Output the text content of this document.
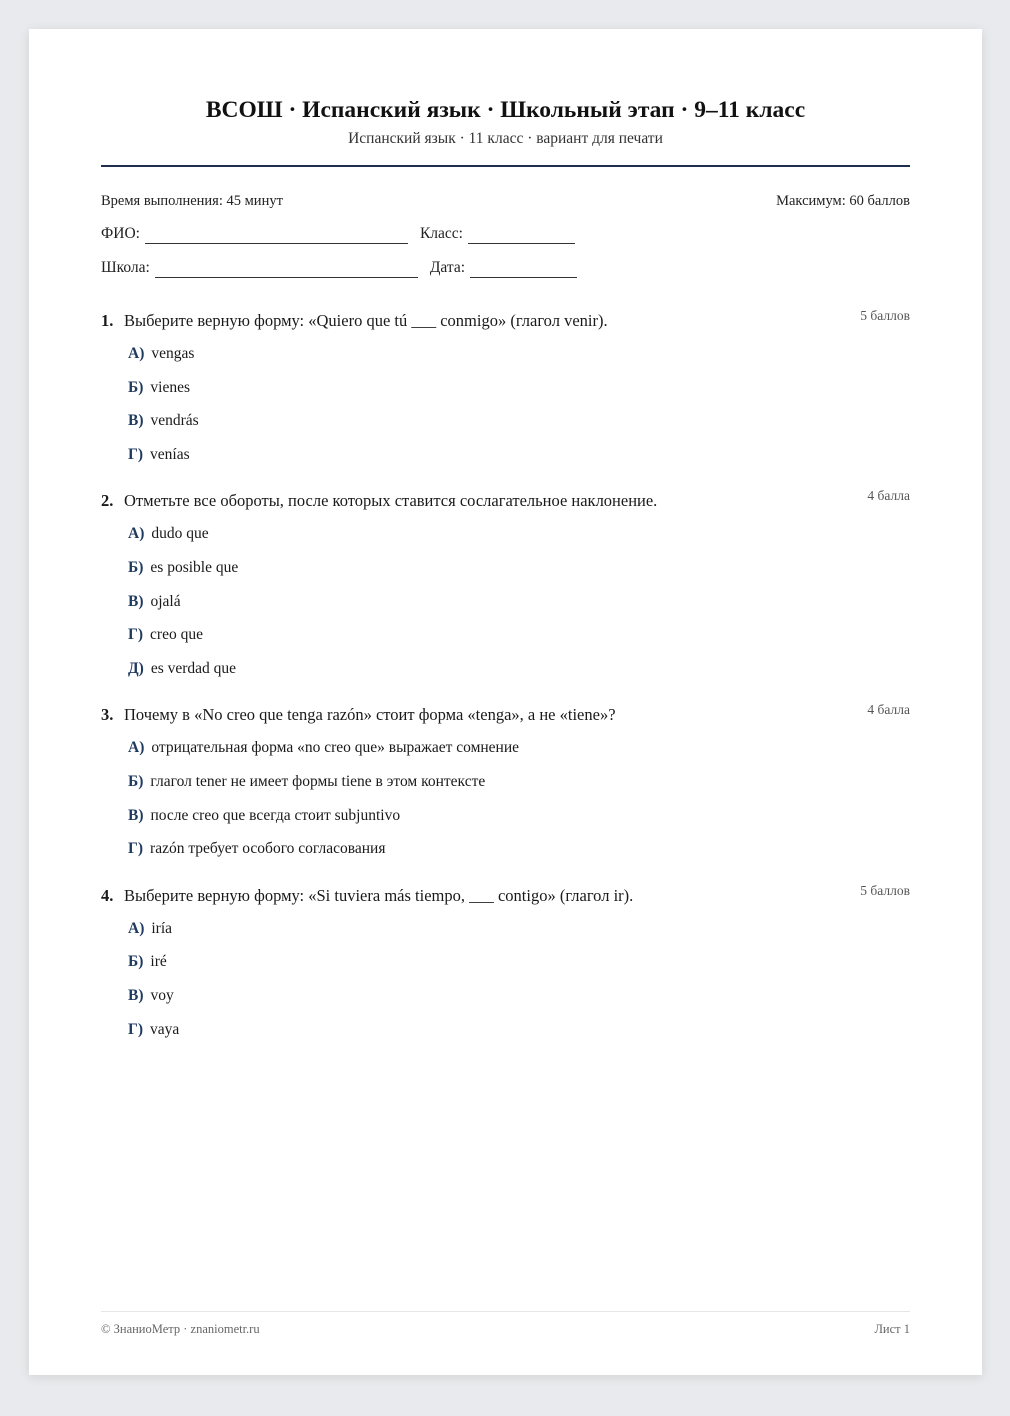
ВСОШ · Испанский язык · Школьный этап · 9–11 класс
Испанский язык · 11 класс · вариант для печати
Время выполнения: 45 минут	Максимум: 60 баллов
ФИО:	Класс:
Школа:	Дата:
1. Выберите верную форму: «Quiero que tú ___ conmigo» (глагол venir).	5 баллов
А) vengas
Б) vienes
В) vendrás
Г) venías
2. Отметьте все обороты, после которых ставится сослагательное наклонение.	4 балла
А) dudo que
Б) es posible que
В) ojalá
Г) creo que
Д) es verdad que
3. Почему в «No creo que tenga razón» стоит форма «tenga», а не «tiene»?	4 балла
А) отрицательная форма «no creo que» выражает сомнение
Б) глагол tener не имеет формы tiene в этом контексте
В) после creo que всегда стоит subjuntivo
Г) razón требует особого согласования
4. Выберите верную форму: «Si tuviera más tiempo, ___ contigo» (глагол ir).	5 баллов
А) iría
Б) iré
В) voy
Г) vaya
© ЗнаниоМетр · znaniometr.ru	Лист 1
